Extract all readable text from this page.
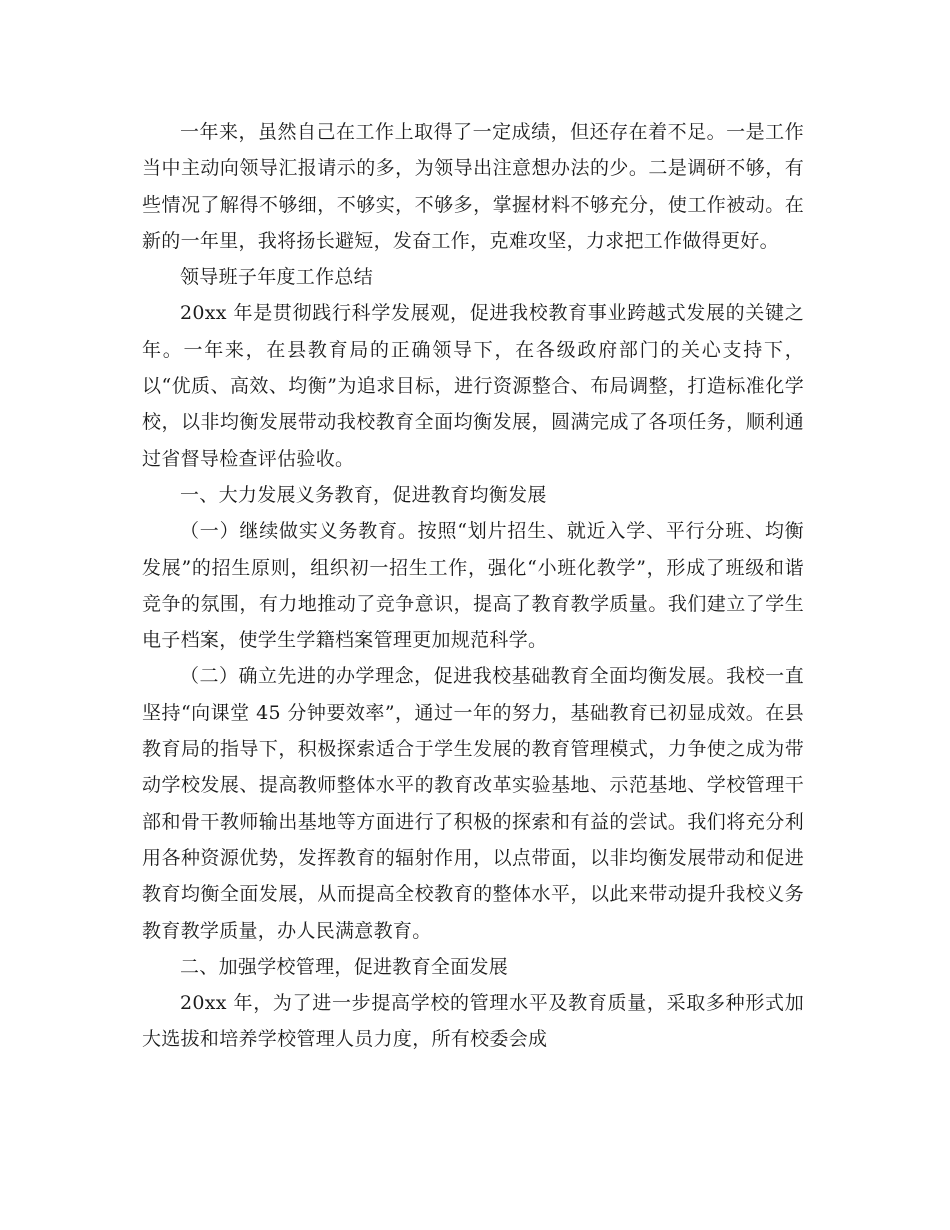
一年来，虽然自己在工作上取得了一定成绩，但还存在着不足。一是工作当中主动向领导汇报请示的多，为领导出注意想办法的少。二是调研不够，有些情况了解得不够细，不够实，不够多，掌握材料不够充分，使工作被动。在新的一年里，我将扬长避短，发奋工作，克难攻坚，力求把工作做得更好。

领导班子年度工作总结

20xx 年是贯彻践行科学发展观，促进我校教育事业跨越式发展的关键之年。一年来，在县教育局的正确领导下，在各级政府部门的关心支持下，以“优质、高效、均衡”为追求目标，进行资源整合、布局调整，打造标准化学校，以非均衡发展带动我校教育全面均衡发展，圆满完成了各项任务，顺利通过省督导检查评估验收。

一、大力发展义务教育，促进教育均衡发展

（一）继续做实义务教育。按照“划片招生、就近入学、平行分班、均衡发展”的招生原则，组织初一招生工作，强化“小班化教学”，形成了班级和谐竞争的氛围，有力地推动了竞争意识，提高了教育教学质量。我们建立了学生电子档案，使学生学籍档案管理更加规范科学。

（二）确立先进的办学理念，促进我校基础教育全面均衡发展。我校一直坚持“向课堂 45 分钟要效率”，通过一年的努力，基础教育已初显成效。在县教育局的指导下，积极探索适合于学生发展的教育管理模式，力争使之成为带动学校发展、提高教师整体水平的教育改革实验基地、示范基地、学校管理干部和骨干教师输出基地等方面进行了积极的探索和有益的尝试。我们将充分利用各种资源优势，发挥教育的辐射作用，以点带面，以非均衡发展带动和促进教育均衡全面发展，从而提高全校教育的整体水平，以此来带动提升我校义务教育教学质量，办人民满意教育。

二、加强学校管理，促进教育全面发展

20xx 年，为了进一步提高学校的管理水平及教育质量，采取多种形式加大选拔和培养学校管理人员力度，所有校委会成
